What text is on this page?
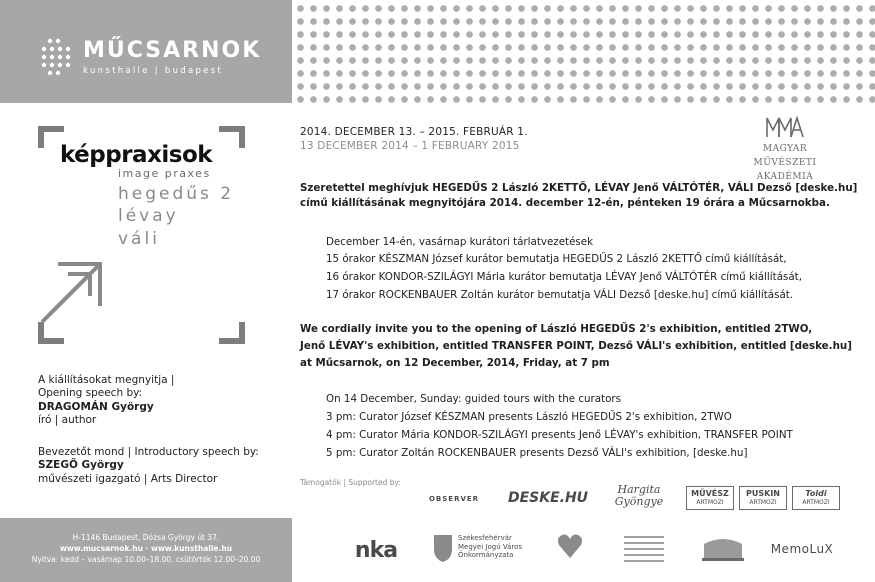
MŰCSARNOK
kunsthalle | budapest
képpraxisok
image praxes
hegedűs 2
lévay
váli
A kiállításokat megnyitja |
Opening speech by:
DRAGOMÁN György
író | author
Bevezetőt mond | Introductory speech by:
SZEGŐ György
művészeti igazgató | Arts Director
H-1146 Budapest, Dózsa György út 37.
www.mucsarnok.hu · www.kunsthalle.hu
Nyitva: kedd – vasárnap 10.00–18.00, csütörtök 12.00–20.00
2014. DECEMBER 13. – 2015. FEBRUÁR 1.
13 DECEMBER 2014 – 1 FEBRUARY 2015	MAGYAR MŰVÉSZETI
AKADÉMIA
Szeretettel meghívjuk HEGEDŰS 2 László 2KETTŐ, LÉVAY Jenő VÁLTÓTÉR, VÁLI Dezső [deske.hu]
című kiállításának megnyitójára 2014. december 12-én, pénteken 19 órára a Műcsarnokba.
December 14-én, vasárnap kurátori tárlatvezetések
15 órakor KÉSZMAN József kurátor bemutatja HEGEDŰS 2 László 2KETTŐ című kiállítását,
16 órakor KONDOR-SZILÁGYI Mária kurátor bemutatja LÉVAY Jenő VÁLTÓTÉR című kiállítását,
17 órakor ROCKENBAUER Zoltán kurátor bemutatja VÁLI Dezső [deske.hu] című kiállítását.
We cordially invite you to the opening of László HEGEDŰS 2's exhibition, entitled 2TWO,
Jenő LÉVAY's exhibition, entitled TRANSFER POINT, Dezső VÁLI's exhibition, entitled [deske.hu]
at Műcsarnok, on 12 December, 2014, Friday, at 7 pm
On 14 December, Sunday: guided tours with the curators
3 pm: Curator József KÉSZMAN presents László HEGEDŰS 2's exhibition, 2TWO
4 pm: Curator Mária KONDOR-SZILÁGYI presents Jenő LÉVAY's exhibition, TRANSFER POINT
5 pm: Curator Zoltán ROCKENBAUER presents Dezső VÁLI's exhibition, [deske.hu]
Támogatók | Supported by:
OBSERVER DESKE.HU
Hargita
Gyöngye
MŰVÉSZ
ARTMOZI
PUSKIN
ARTMOZI
Toldi
ARTMOZI
nka	Székesfehérvár
Megyei Jogú Város
Önkormányzata	MemoLuX
